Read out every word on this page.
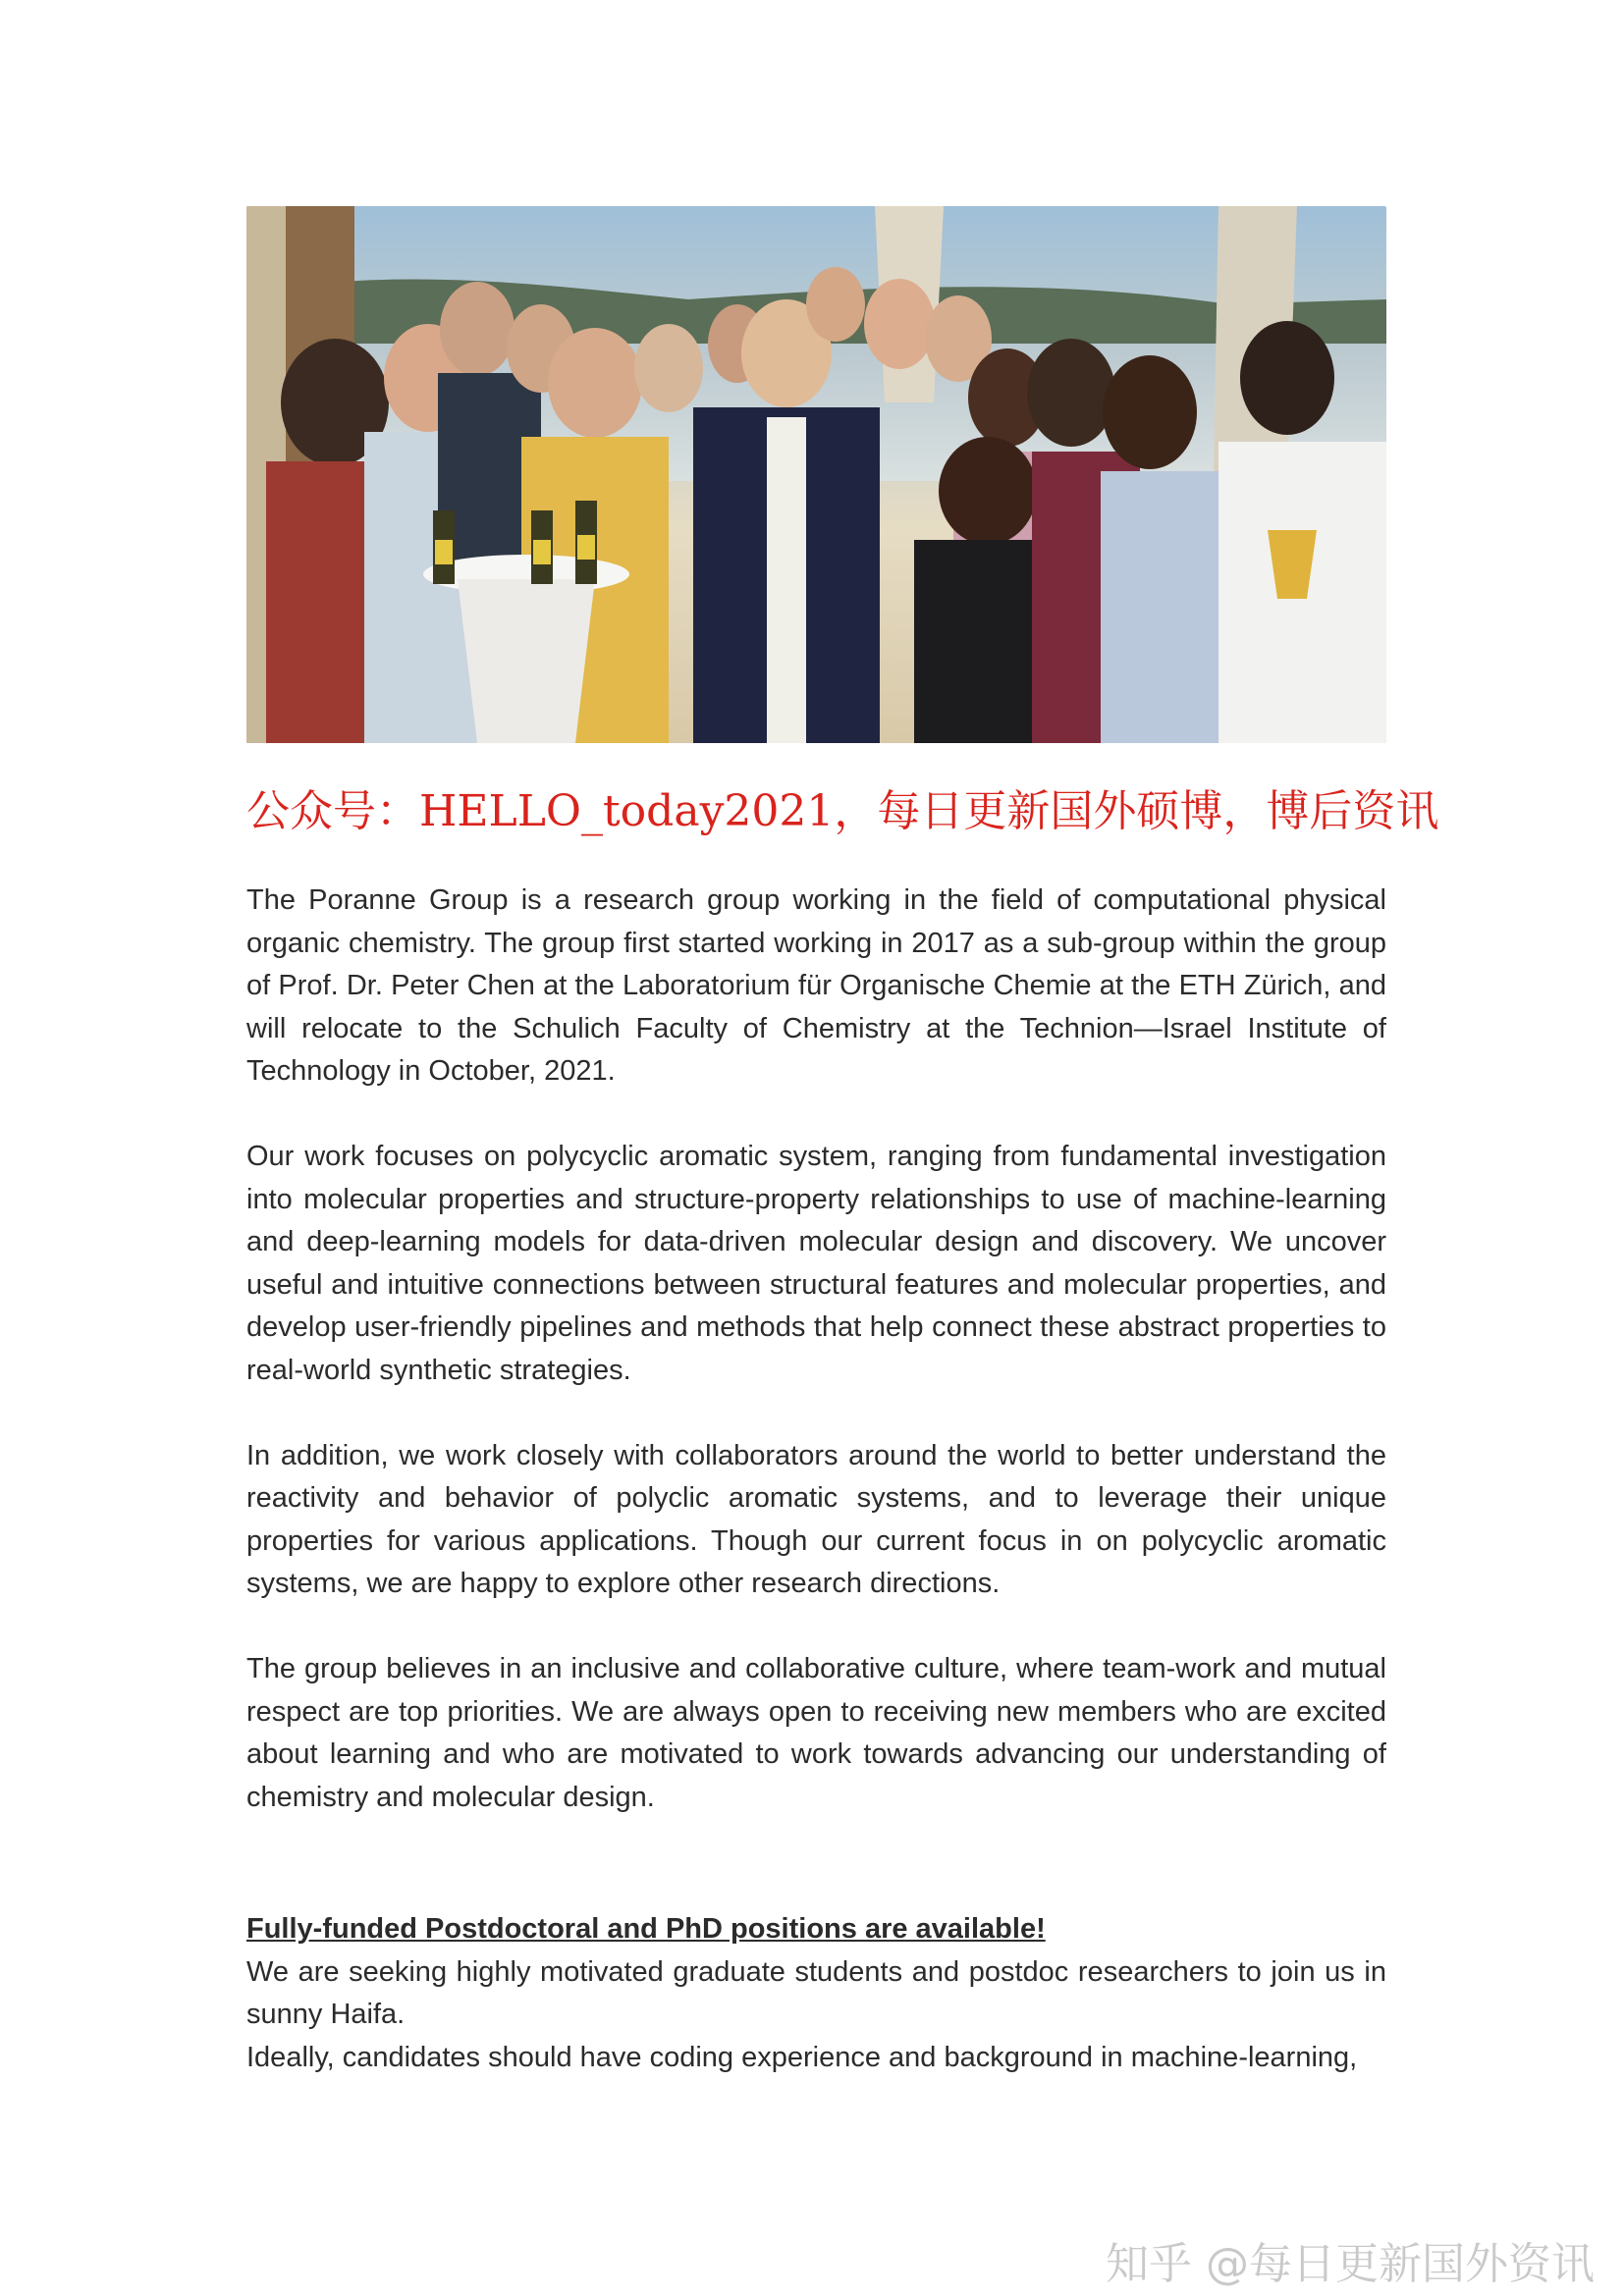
公众号：HELLO_today2021，每日更新国外硕博，博后资讯

The Poranne Group is a research group working in the field of computational physical organic chemistry. The group first started working in 2017 as a sub-group within the group of Prof. Dr. Peter Chen at the Laboratorium für Organische Chemie at the ETH Zürich, and will relocate to the Schulich Faculty of Chemistry at the Technion—Israel Institute of Technology in October, 2021.

Our work focuses on polycyclic aromatic system, ranging from fundamental investigation into molecular properties and structure-property relationships to use of machine-learning and deep-learning models for data-driven molecular design and discovery. We uncover useful and intuitive connections between structural features and molecular properties, and develop user-friendly pipelines and methods that help connect these abstract properties to real-world synthetic strategies.

In addition, we work closely with collaborators around the world to better understand the reactivity and behavior of polyclic aromatic systems, and to leverage their unique properties for various applications. Though our current focus in on polycyclic aromatic systems, we are happy to explore other research directions.

The group believes in an inclusive and collaborative culture, where team-work and mutual respect are top priorities. We are always open to receiving new members who are excited about learning and who are motivated to work towards advancing our understanding of chemistry and molecular design.

Fully-funded Postdoctoral and PhD positions are available!

We are seeking highly motivated graduate students and postdoc researchers to join us in sunny Haifa.

Ideally, candidates should have coding experience and background in machine-learning,

知乎 @每日更新国外资讯
